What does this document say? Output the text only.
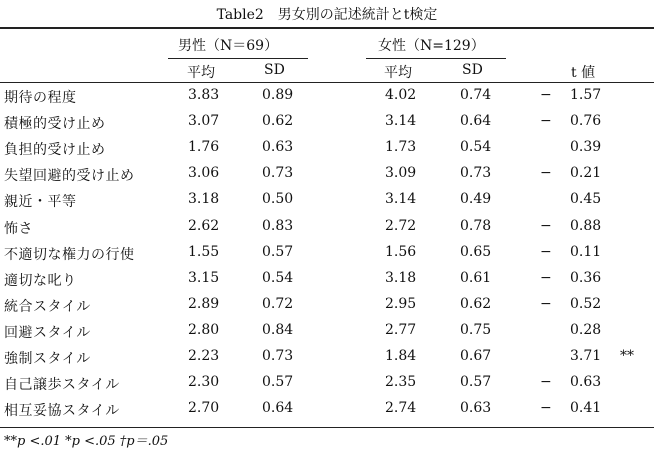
Table2　男女別の記述統計とt検定
男性（N＝69）	女性（N=129）
平均	SD	平均	SD	t 値
期待の程度	3.83	0.89	4.02	0.74	− 1.57
積極的受け止め	3.07	0.62	3.14	0.64	− 0.76
負担的受け止め	1.76	0.63	1.73	0.54	0.39
失望回避的受け止め	3.06	0.73	3.09	0.73	− 0.21
親近・平等	3.18	0.50	3.14	0.49	0.45
怖さ	2.62	0.83	2.72	0.78	− 0.88
不適切な権力の行使	1.55	0.57	1.56	0.65	− 0.11
適切な叱り	3.15	0.54	3.18	0.61	− 0.36
統合スタイル	2.89	0.72	2.95	0.62	− 0.52
回避スタイル	2.80	0.84	2.77	0.75	0.28
強制スタイル	2.23	0.73	1.84	0.67	3.71 **
自己譲歩スタイル	2.30	0.57	2.35	0.57	− 0.63
相互妥協スタイル	2.70	0.64	2.74	0.63	− 0.41
**p <.01 *p <.05 †p＝.05
